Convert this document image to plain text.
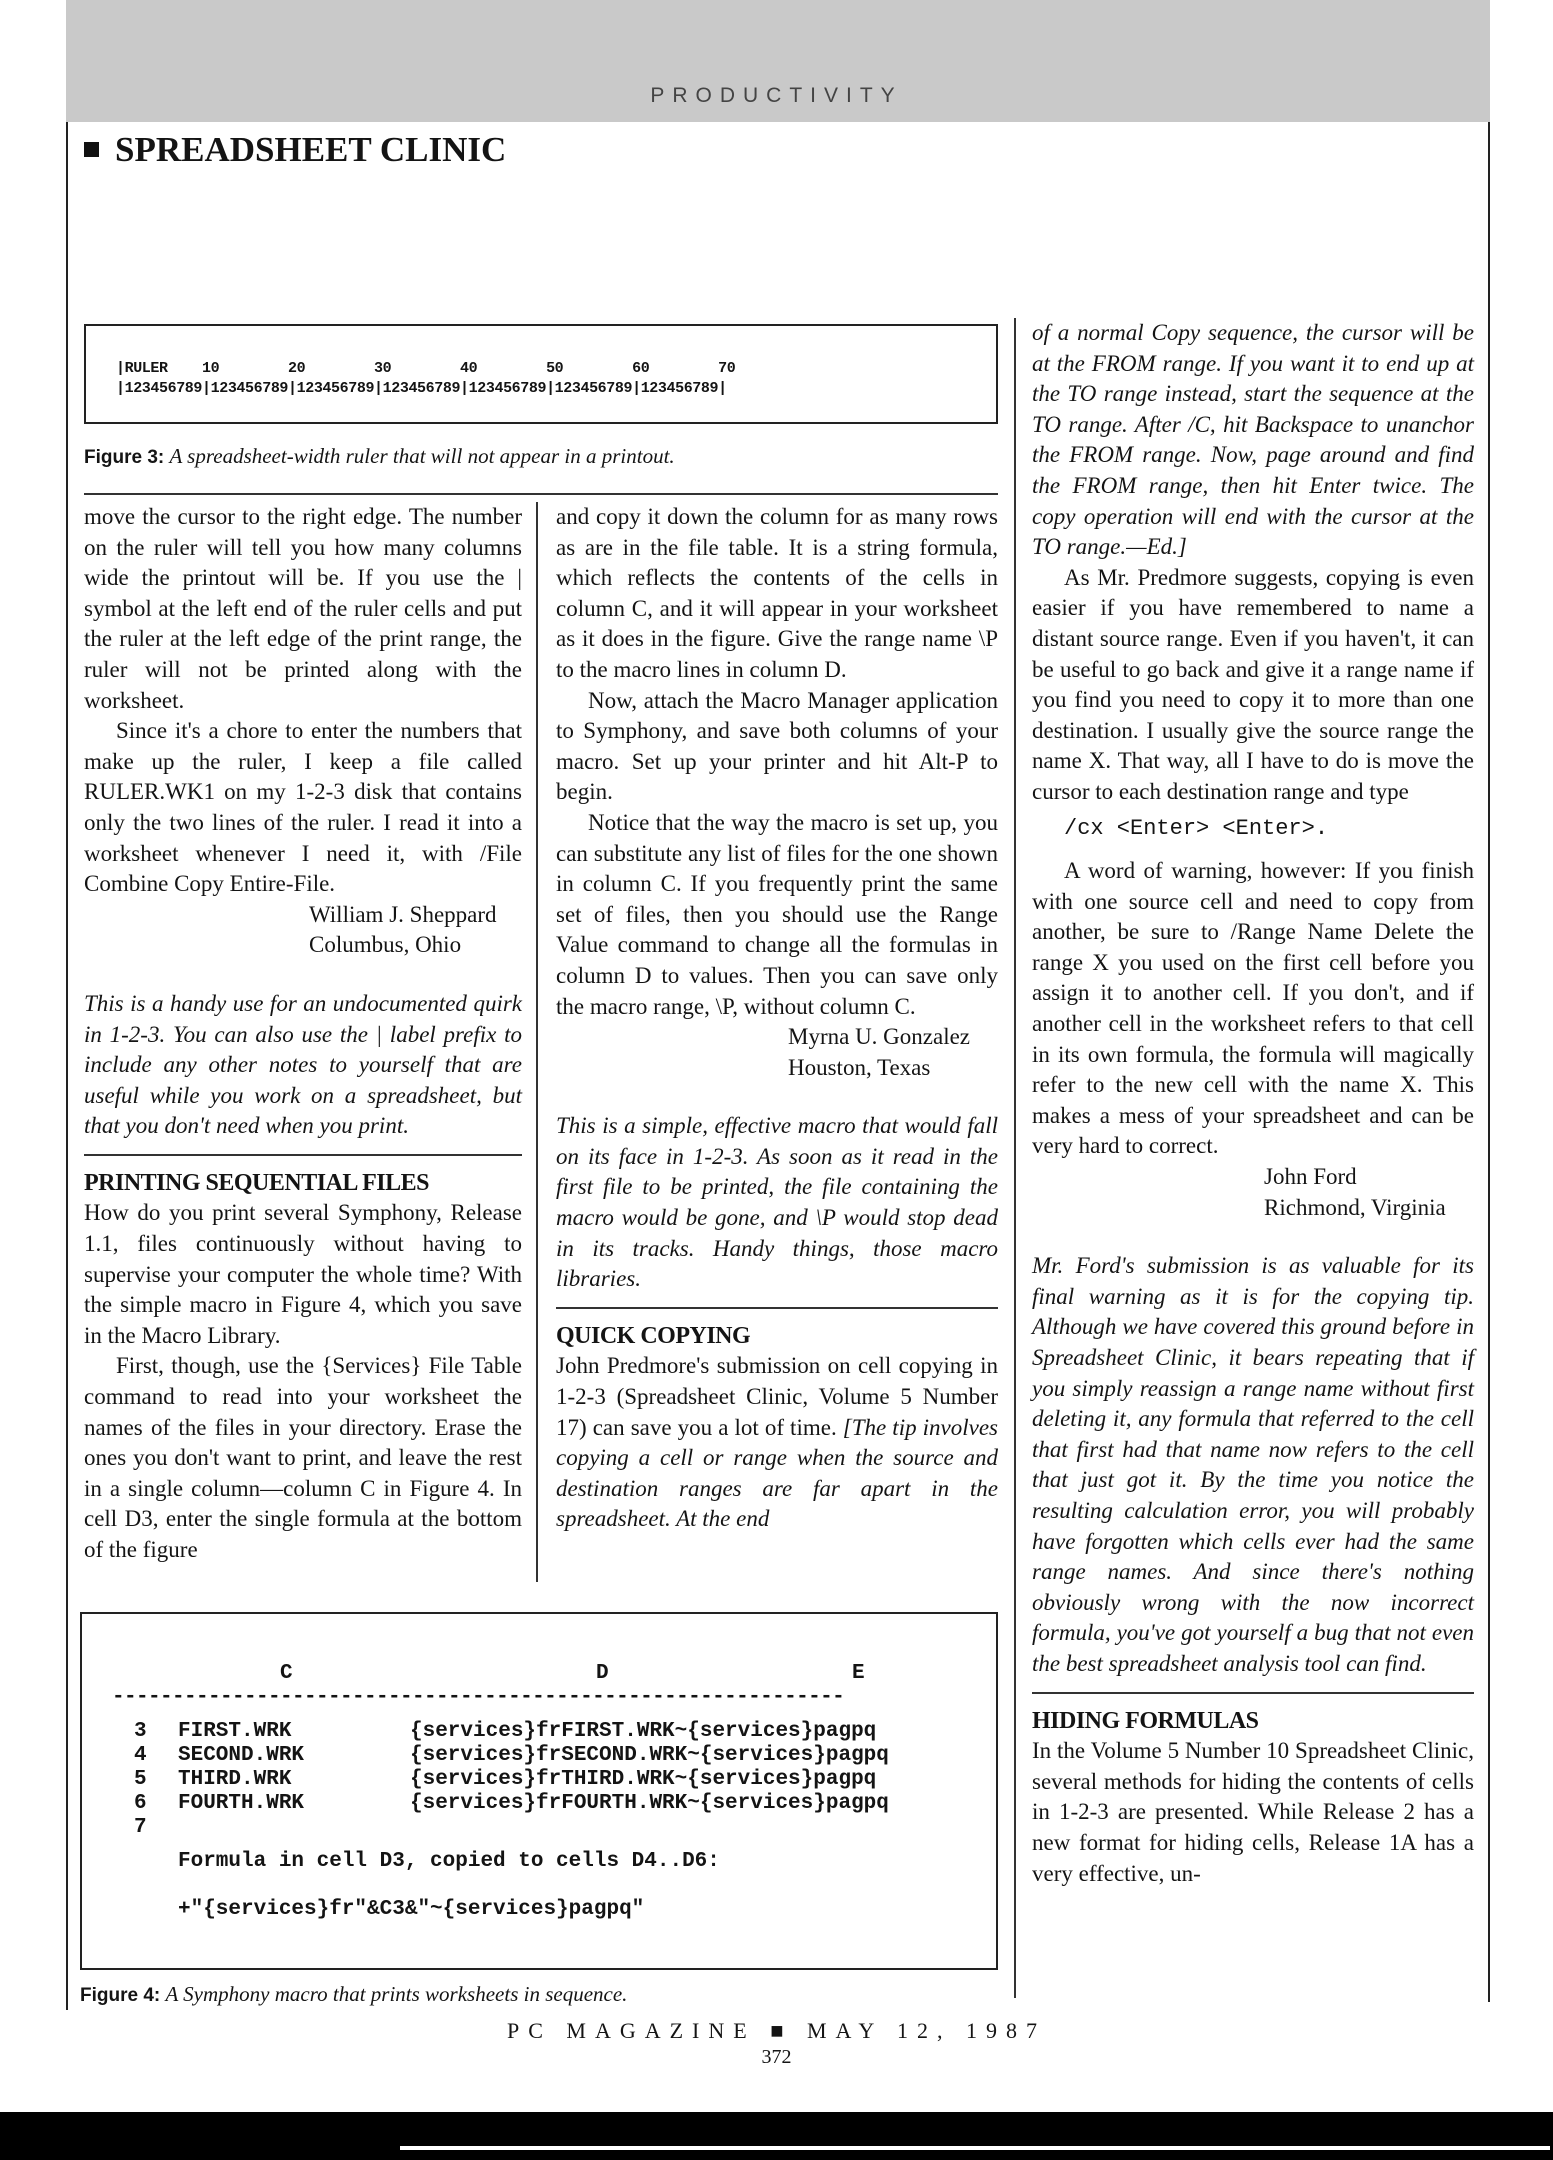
PRODUCTIVITY
SPREADSHEET CLINIC
|RULER    10        20        30        40        50        60        70
|123456789|123456789|123456789|123456789|123456789|123456789|123456789|
Figure 3: A spreadsheet-width ruler that will not appear in a printout.

move the cursor to the right edge. The number on the ruler will tell you how many columns wide the printout will be. If you use the | symbol at the left end of the ruler cells and put the ruler at the left edge of the print range, the ruler will not be printed along with the worksheet.

Since it's a chore to enter the numbers that make up the ruler, I keep a file called RULER.WK1 on my 1-2-3 disk that contains only the two lines of the ruler. I read it into a worksheet whenever I need it, with /File Combine Copy Entire-File.

William J. Sheppard

Columbus, Ohio

This is a handy use for an undocumented quirk in 1-2-3. You can also use the | label prefix to include any other notes to yourself that are useful while you work on a spreadsheet, but that you don't need when you print.

PRINTING SEQUENTIAL FILES

How do you print several Symphony, Release 1.1, files continuously without having to supervise your computer the whole time? With the simple macro in Figure 4, which you save in the Macro Library.

First, though, use the {Services} File Table command to read into your worksheet the names of the files in your directory. Erase the ones you don't want to print, and leave the rest in a single column—column C in Figure 4. In cell D3, enter the single formula at the bottom of the figure

and copy it down the column for as many rows as are in the file table. It is a string formula, which reflects the contents of the cells in column C, and it will appear in your worksheet as it does in the figure. Give the range name \P to the macro lines in column D.

Now, attach the Macro Manager application to Symphony, and save both columns of your macro. Set up your printer and hit Alt-P to begin.

Notice that the way the macro is set up, you can substitute any list of files for the one shown in column C. If you frequently print the same set of files, then you should use the Range Value command to change all the formulas in column D to values. Then you can save only the macro range, \P, without column C.

Myrna U. Gonzalez

Houston, Texas

This is a simple, effective macro that would fall on its face in 1-2-3. As soon as it read in the first file to be printed, the file containing the macro would be gone, and \P would stop dead in its tracks. Handy things, those macro libraries.

QUICK COPYING

John Predmore's submission on cell copying in 1-2-3 (Spreadsheet Clinic, Volume 5 Number 17) can save you a lot of time. [The tip involves copying a cell or range when the source and destination ranges are far apart in the spreadsheet. At the end

of a normal Copy sequence, the cursor will be at the FROM range. If you want it to end up at the TO range instead, start the sequence at the TO range. After /C, hit Backspace to unanchor the FROM range. Now, page around and find the FROM range, then hit Enter twice. The copy operation will end with the cursor at the TO range.—Ed.]

As Mr. Predmore suggests, copying is even easier if you have remembered to name a distant source range. Even if you haven't, it can be useful to go back and give it a range name if you find you need to copy it to more than one destination. I usually give the source range the name X. That way, all I have to do is move the cursor to each destination range and type

/cx <Enter> <Enter>.

A word of warning, however: If you finish with one source cell and need to copy from another, be sure to /Range Name Delete the range X you used on the first cell before you assign it to another cell. If you don't, and if another cell in the worksheet refers to that cell in its own formula, the formula will magically refer to the new cell with the name X. This makes a mess of your spreadsheet and can be very hard to correct.

John Ford

Richmond, Virginia

Mr. Ford's submission is as valuable for its final warning as it is for the copying tip. Although we have covered this ground before in Spreadsheet Clinic, it bears repeating that if you simply reassign a range name without first deleting it, any formula that referred to the cell that first had that name now refers to the cell that just got it. By the time you notice the resulting calculation error, you will probably have forgotten which cells ever had the same range names. And since there's nothing obviously wrong with the now incorrect formula, you've got yourself a bug that not even the best spreadsheet analysis tool can find.

HIDING FORMULAS

In the Volume 5 Number 10 Spreadsheet Clinic, several methods for hiding the contents of cells in 1-2-3 are presented. While Release 2 has a new format for hiding cells, Release 1A has a very effective, un-

C	D	E
-------------------------------------------------------------
3 FIRST.WRK	{services}frFIRST.WRK~{services}pagpq
4 SECOND.WRK	{services}frSECOND.WRK~{services}pagpq
5 THIRD.WRK	{services}frTHIRD.WRK~{services}pagpq
6 FOURTH.WRK	{services}frFOURTH.WRK~{services}pagpq
7
Formula in cell D3, copied to cells D4..D6:
+"{services}fr"&C3&"~{services}pagpq"
Figure 4: A Symphony macro that prints worksheets in sequence.
PC MAGAZINE ■ MAY 12, 1987
372
